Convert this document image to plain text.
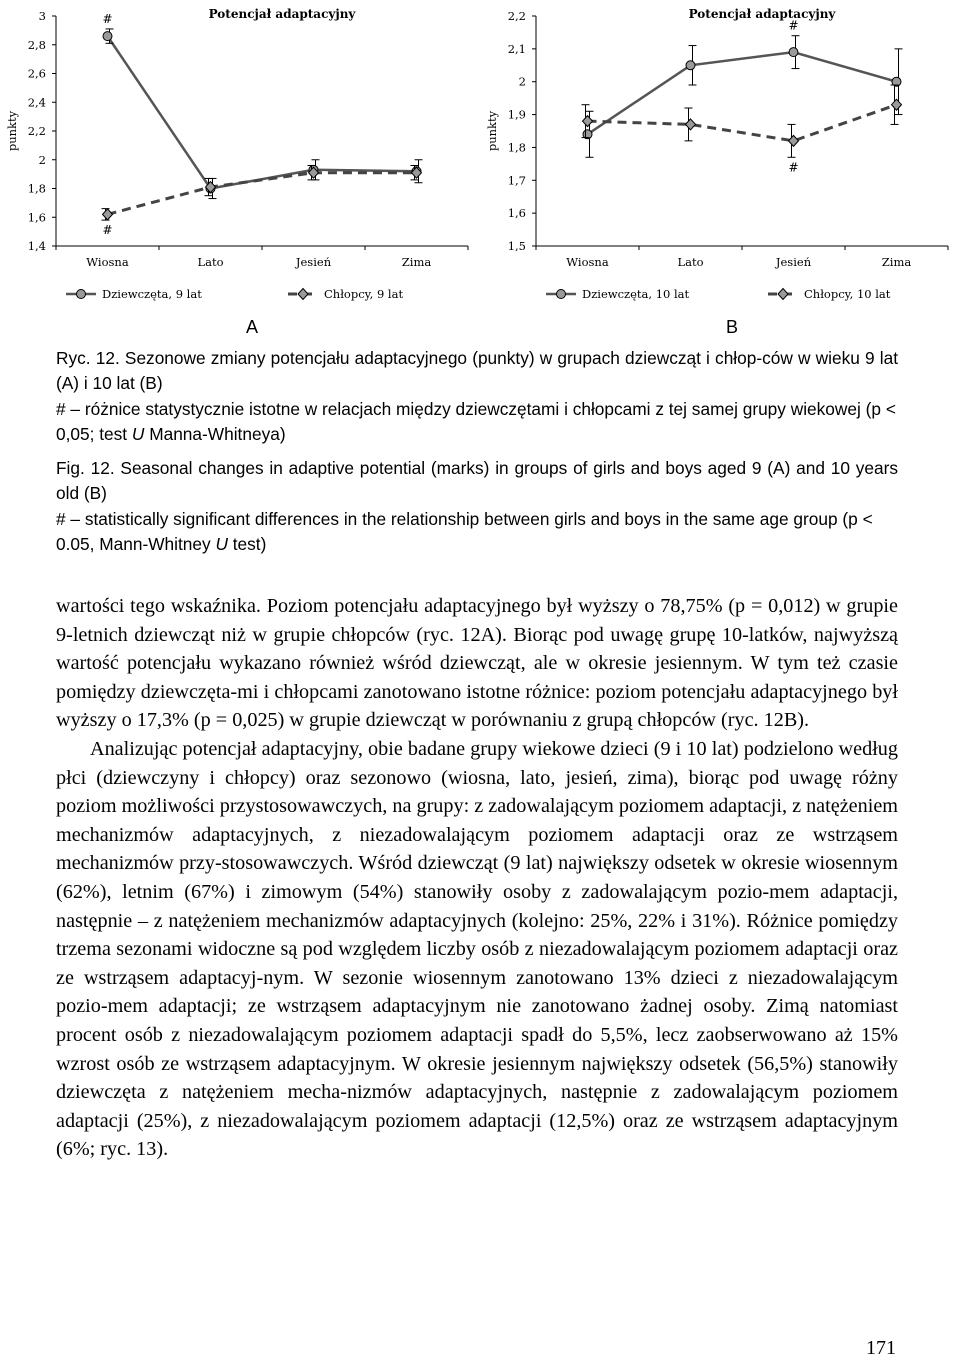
1,4
1,6
1,8
2
2,2
2,4
2,6
2,8
3
Wiosna	Lato	Jesień	Zima
punkty
Potencjał adaptacyjny
#
#
Dziewczęta, 9 lat	Chłopcy, 9 lat
A
1,5
1,6
1,7
1,8
1,9
2
2,1
2,2
Wiosna	Lato	Jesień	Zima
punkty
Potencjał adaptacyjny
#
#
Dziewczęta, 10 lat	Chłopcy, 10 lat
B

Ryc. 12. Sezonowe zmiany potencjału adaptacyjnego (punkty) w grupach dziewcząt i chłop-ców w wieku 9 lat (A) i 10 lat (B)

# – różnice statystycznie istotne w relacjach między dziewczętami i chłopcami z tej samej grupy wiekowej (p < 0,05; test U Manna-Whitneya)

Fig. 12. Seasonal changes in adaptive potential (marks) in groups of girls and boys aged 9 (A) and 10 years old (B)

# – statistically significant differences in the relationship between girls and boys in the same age group (p < 0.05, Mann-Whitney U test)

wartości tego wskaźnika. Poziom potencjału adaptacyjnego był wyższy o 78,75% (p = 0,012) w grupie 9-letnich dziewcząt niż w grupie chłopców (ryc. 12A). Biorąc pod uwagę grupę 10-latków, najwyższą wartość potencjału wykazano również wśród dziewcząt, ale w okresie jesiennym. W tym też czasie pomiędzy dziewczęta-mi i chłopcami zanotowano istotne różnice: poziom potencjału adaptacyjnego był wyższy o 17,3% (p = 0,025) w grupie dziewcząt w porównaniu z grupą chłopców (ryc. 12B).

Analizując potencjał adaptacyjny, obie badane grupy wiekowe dzieci (9 i 10 lat) podzielono według płci (dziewczyny i chłopcy) oraz sezonowo (wiosna, lato, jesień, zima), biorąc pod uwagę różny poziom możliwości przystosowawczych, na grupy: z zadowalającym poziomem adaptacji, z natężeniem mechanizmów adaptacyjnych, z niezadowalającym poziomem adaptacji oraz ze wstrząsem mechanizmów przy-stosowawczych. Wśród dziewcząt (9 lat) największy odsetek w okresie wiosennym (62%), letnim (67%) i zimowym (54%) stanowiły osoby z zadowalającym pozio-mem adaptacji, następnie – z natężeniem mechanizmów adaptacyjnych (kolejno: 25%, 22% i 31%). Różnice pomiędzy trzema sezonami widoczne są pod względem liczby osób z niezadowalającym poziomem adaptacji oraz ze wstrząsem adaptacyj-nym. W sezonie wiosennym zanotowano 13% dzieci z niezadowalającym pozio-mem adaptacji; ze wstrząsem adaptacyjnym nie zanotowano żadnej osoby. Zimą natomiast procent osób z niezadowalającym poziomem adaptacji spadł do 5,5%, lecz zaobserwowano aż 15% wzrost osób ze wstrząsem adaptacyjnym. W okresie jesiennym największy odsetek (56,5%) stanowiły dziewczęta z natężeniem mecha-nizmów adaptacyjnych, następnie z zadowalającym poziomem adaptacji (25%), z niezadowalającym poziomem adaptacji (12,5%) oraz ze wstrząsem adaptacyjnym (6%; ryc. 13).

171
